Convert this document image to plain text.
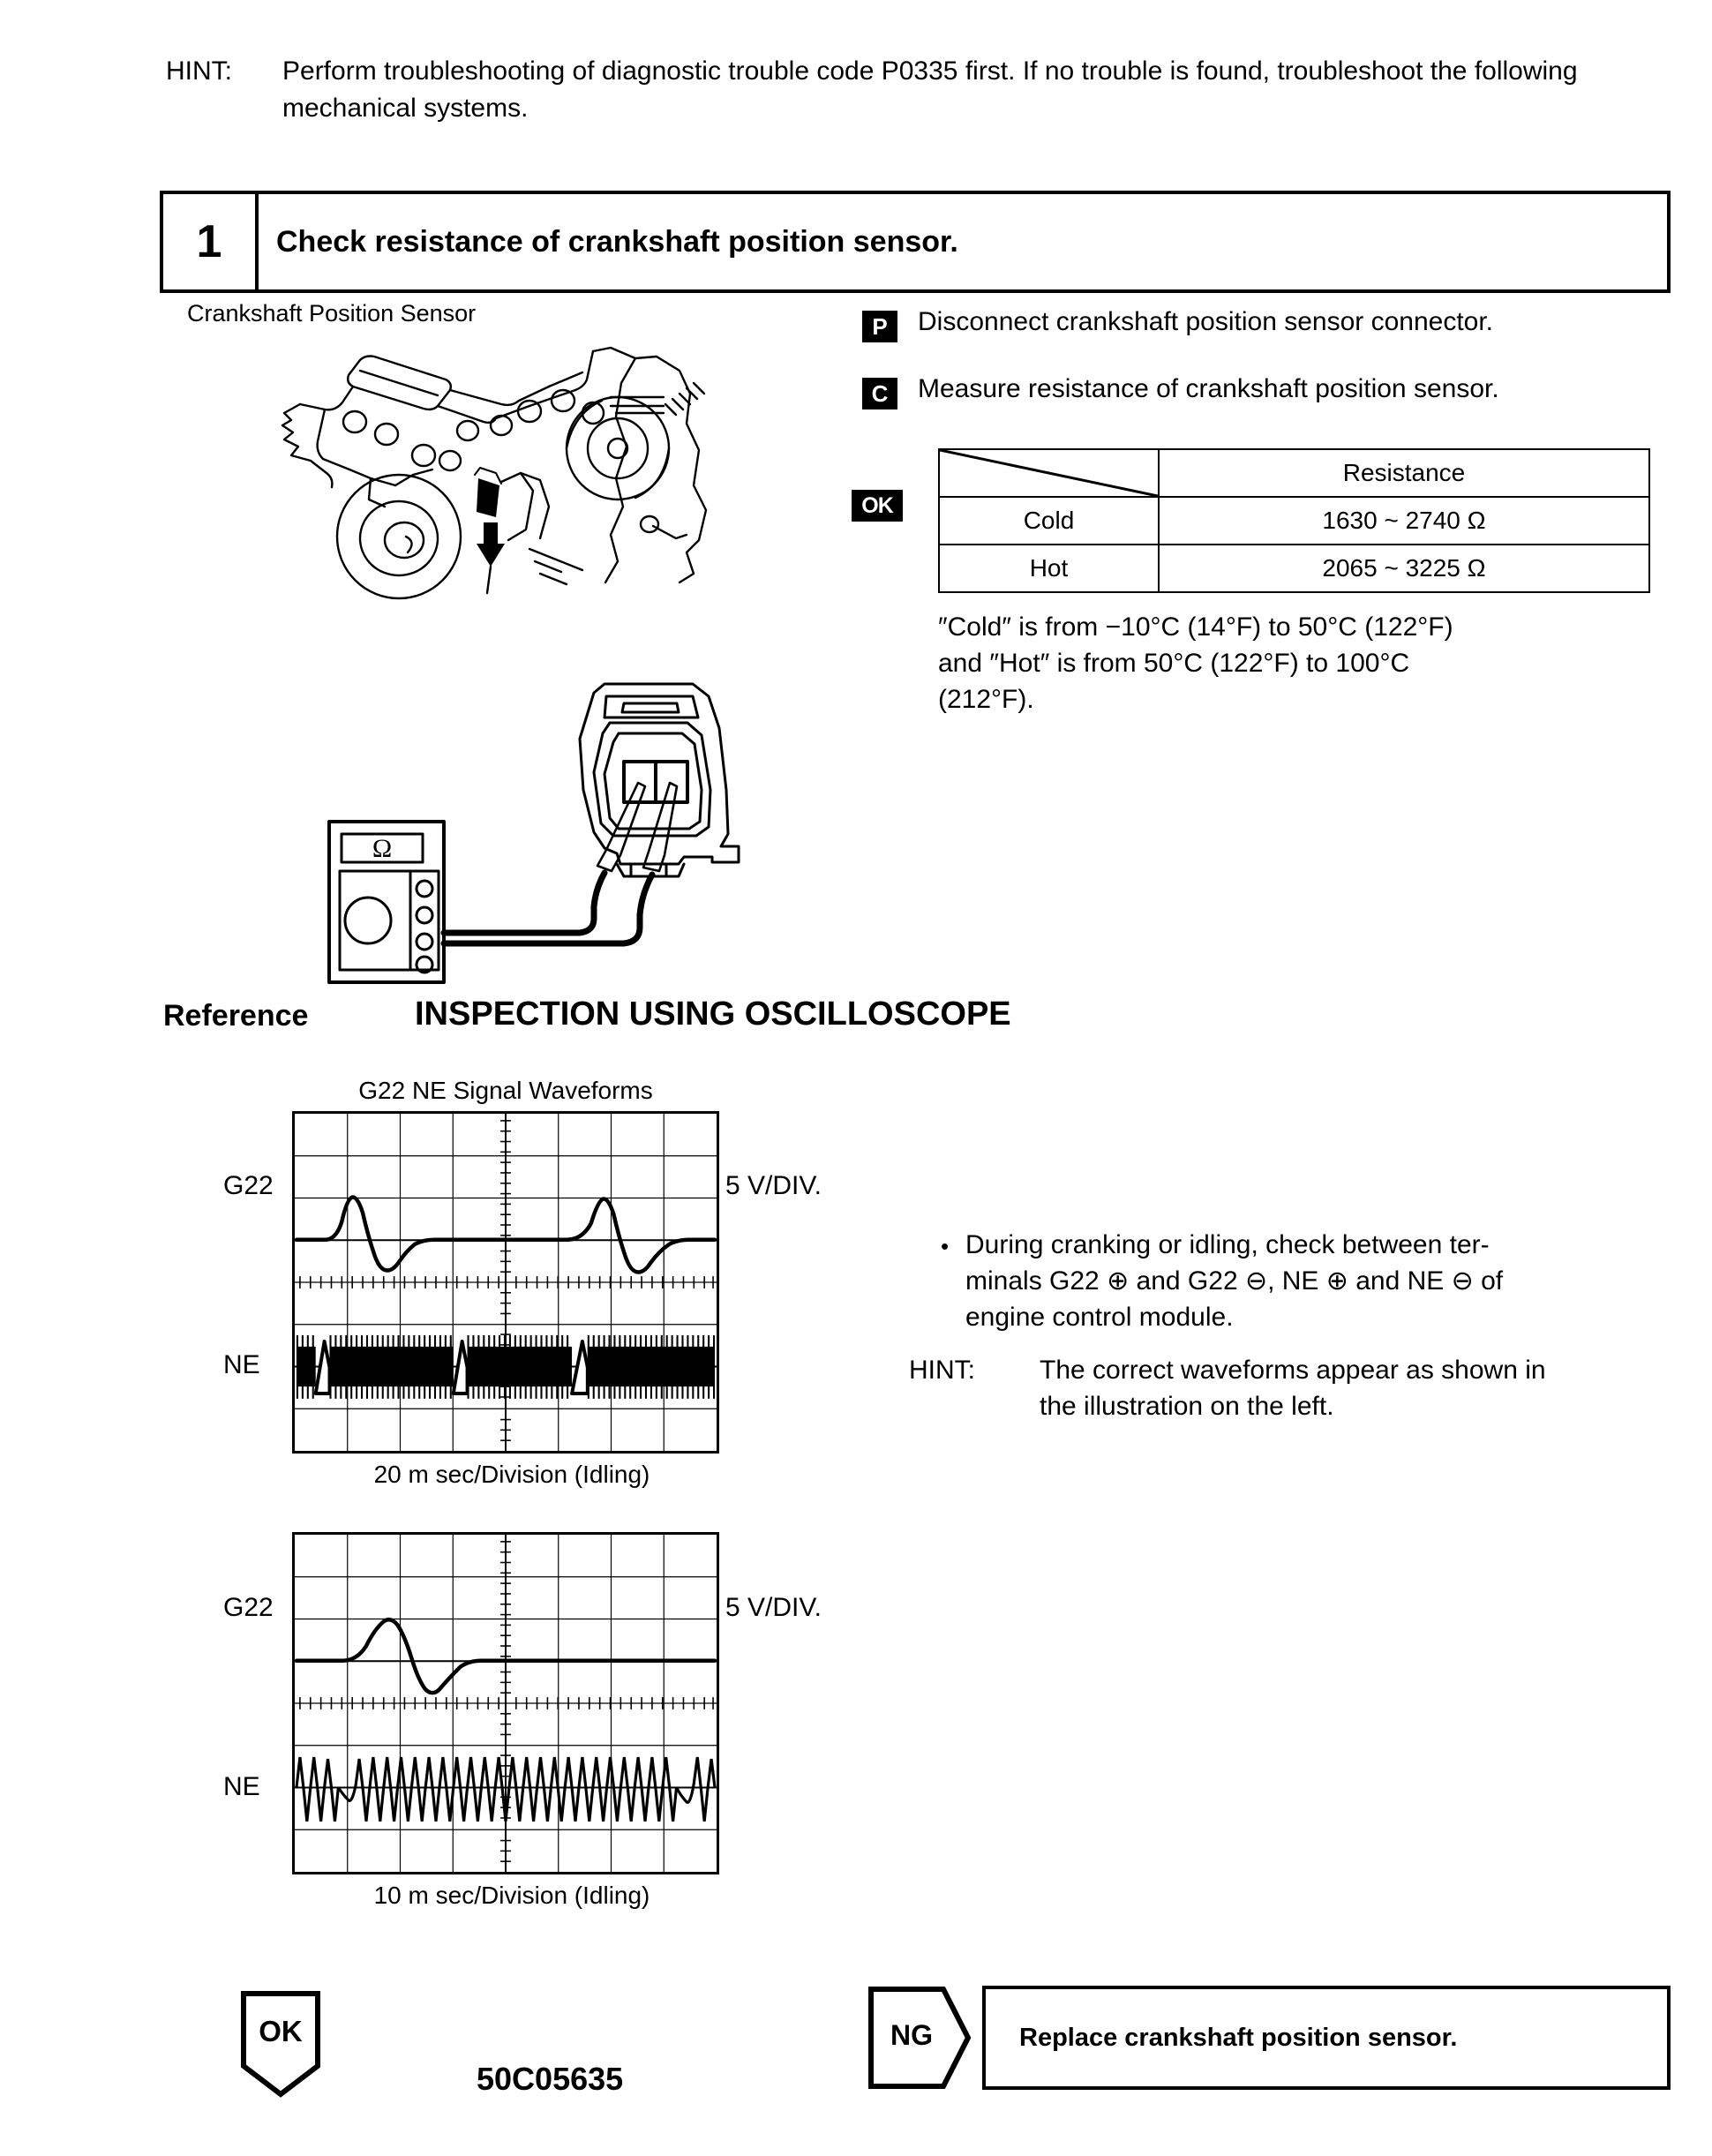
HINT: Perform troubleshooting of diagnostic trouble code P0335 first. If no trouble is found, troubleshoot the following mechanical systems.
1 Check resistance of crankshaft position sensor.
Crankshaft Position Sensor
Ω
P	Disconnect crankshaft position sensor connector.
C	Measure resistance of crankshaft position sensor.
OK
	Resistance
Cold	1630 ~ 2740 Ω
Hot	2065 ~ 3225 Ω
″Cold″ is from −10°C (14°F) to 50°C (122°F)
and ″Hot″ is from 50°C (122°F) to 100°C
(212°F).
Reference	INSPECTION USING OSCILLOSCOPE
G22 NE Signal Waveforms
G22
NE
5 V/DIV.
20 m sec/Division (Idling)
G22
NE
5 V/DIV.
10 m sec/Division (Idling)
• During cranking or idling, check between ter-
minals G22 ⊕ and G22 ⊖, NE ⊕ and NE ⊖ of
engine control module.
HINT: The correct waveforms appear as shown in
the illustration on the left.
OK
50C05635
NG	Replace crankshaft position sensor.
